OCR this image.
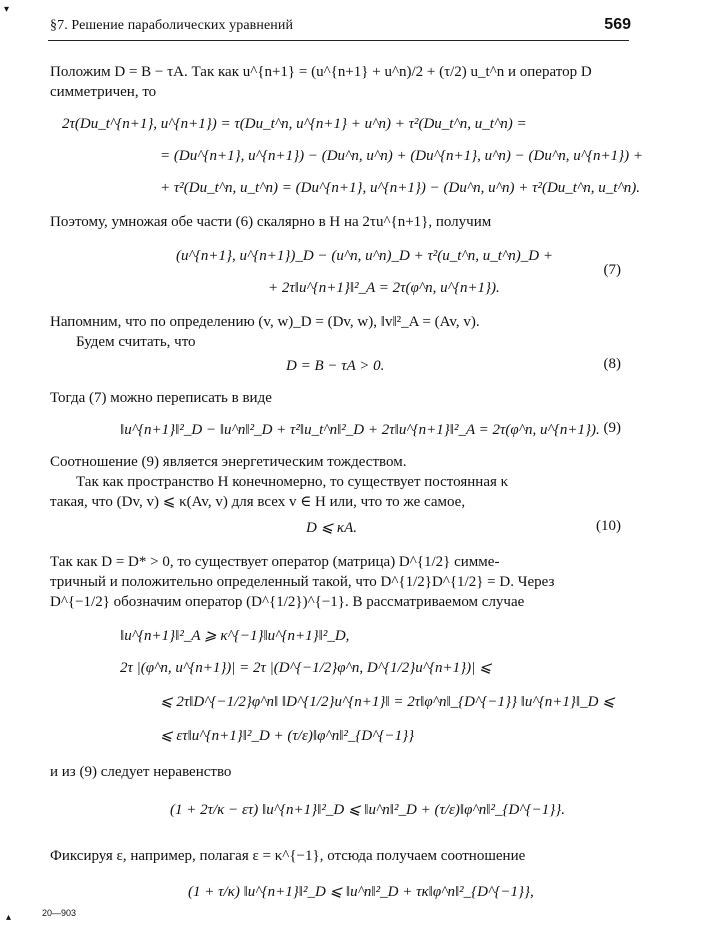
▾
§7. Решение параболических уравнений	569
Положим D = B − τA. Так как u^{n+1} = (u^{n+1} + u^n)/2 + (τ/2) u_t^n и оператор D
симметричен, то
2τ(Du_t^{n+1}, u^{n+1}) = τ(Du_t^n, u^{n+1} + u^n) + τ²(Du_t^n, u_t^n) =
= (Du^{n+1}, u^{n+1}) − (Du^n, u^n) + (Du^{n+1}, u^n) − (Du^n, u^{n+1}) +
+ τ²(Du_t^n, u_t^n) = (Du^{n+1}, u^{n+1}) − (Du^n, u^n) + τ²(Du_t^n, u_t^n).
Поэтому, умножая обе части (6) скалярно в H на 2τu^{n+1}, получим
(u^{n+1}, u^{n+1})_D − (u^n, u^n)_D + τ²(u_t^n, u_t^n)_D +
+ 2τ‖u^{n+1}‖²_A = 2τ(φ^n, u^{n+1}).
(7)
Напомним, что по определению (v, w)_D = (Dv, w), ‖v‖²_A = (Av, v).
Будем считать, что
D = B − τA > 0.	(8)
Тогда (7) можно переписать в виде
‖u^{n+1}‖²_D − ‖u^n‖²_D + τ²‖u_t^n‖²_D + 2τ‖u^{n+1}‖²_A = 2τ(φ^n, u^{n+1}). (9)
Соотношение (9) является энергетическим тождеством.
Так как пространство H конечномерно, то существует постоянная κ
такая, что (Dv, v) ⩽ κ(Av, v) для всех v ∈ H или, что то же самое,
D ⩽ κA.	(10)
Так как D = D* > 0, то существует оператор (матрица) D^{1/2} симме-
тричный и положительно определенный такой, что D^{1/2}D^{1/2} = D. Через
D^{−1/2} обозначим оператор (D^{1/2})^{−1}. В рассматриваемом случае
‖u^{n+1}‖²_A ⩾ κ^{−1}‖u^{n+1}‖²_D,
2τ |(φ^n, u^{n+1})| = 2τ |(D^{−1/2}φ^n, D^{1/2}u^{n+1})| ⩽
⩽ 2τ‖D^{−1/2}φ^n‖ ‖D^{1/2}u^{n+1}‖ = 2τ‖φ^n‖_{D^{−1}} ‖u^{n+1}‖_D ⩽
⩽ ετ‖u^{n+1}‖²_D + (τ/ε)‖φ^n‖²_{D^{−1}}
и из (9) следует неравенство
(1 + 2τ/κ − ετ) ‖u^{n+1}‖²_D ⩽ ‖u^n‖²_D + (τ/ε)‖φ^n‖²_{D^{−1}}.
Фиксируя ε, например, полагая ε = κ^{−1}, отсюда получаем соотношение
(1 + τ/κ) ‖u^{n+1}‖²_D ⩽ ‖u^n‖²_D + τκ‖φ^n‖²_{D^{−1}},
▴	20—903
